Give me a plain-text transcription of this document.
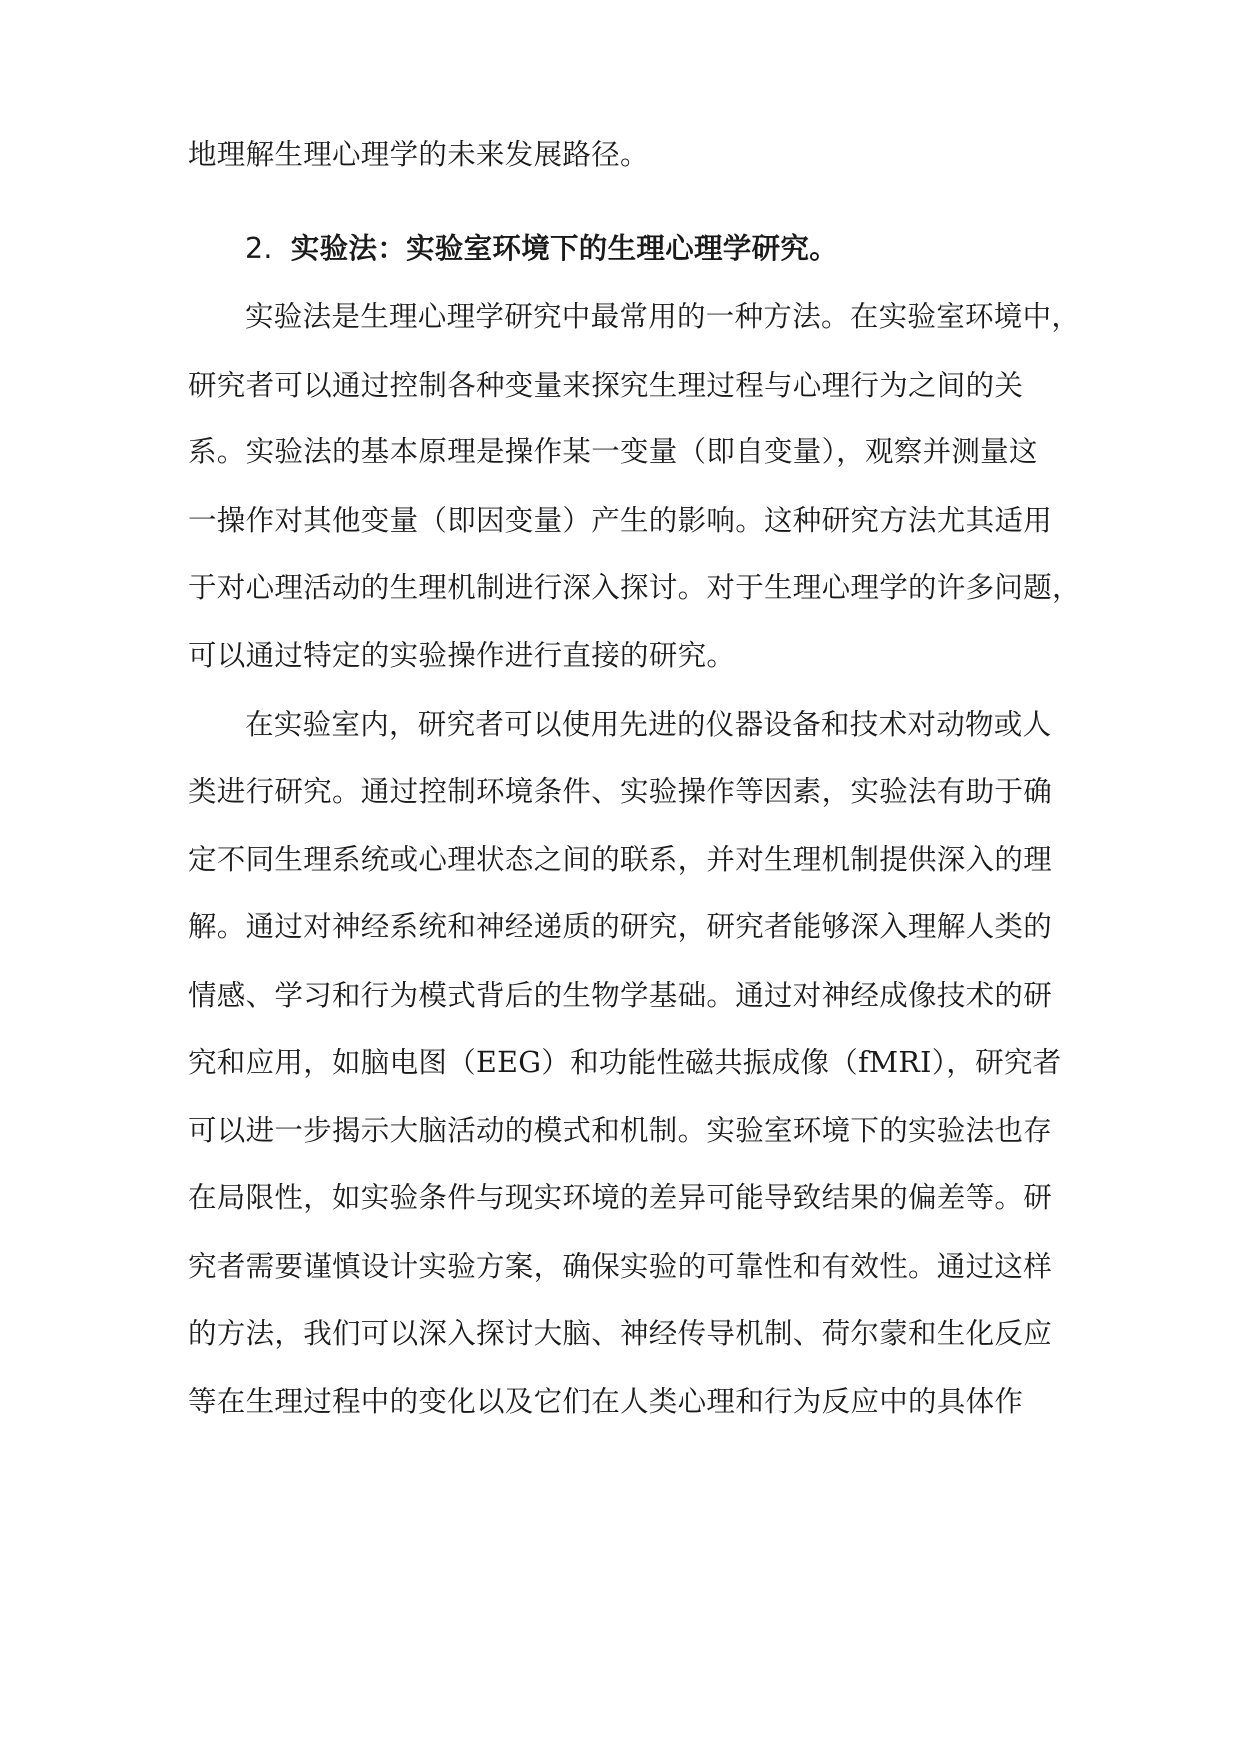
地理解生理心理学的未来发展路径。
2. 实验法：实验室环境下的生理心理学研究。
实验法是生理心理学研究中最常用的一种方法。在实验室环境中，
研究者可以通过控制各种变量来探究生理过程与心理行为之间的关
系。实验法的基本原理是操作某一变量（即自变量），观察并测量这
一操作对其他变量（即因变量）产生的影响。这种研究方法尤其适用
于对心理活动的生理机制进行深入探讨。对于生理心理学的许多问题，
可以通过特定的实验操作进行直接的研究。
在实验室内，研究者可以使用先进的仪器设备和技术对动物或人
类进行研究。通过控制环境条件、实验操作等因素，实验法有助于确
定不同生理系统或心理状态之间的联系，并对生理机制提供深入的理
解。通过对神经系统和神经递质的研究，研究者能够深入理解人类的
情感、学习和行为模式背后的生物学基础。通过对神经成像技术的研
究和应用，如脑电图（EEG）和功能性磁共振成像（fMRI），研究者
可以进一步揭示大脑活动的模式和机制。实验室环境下的实验法也存
在局限性，如实验条件与现实环境的差异可能导致结果的偏差等。研
究者需要谨慎设计实验方案，确保实验的可靠性和有效性。通过这样
的方法，我们可以深入探讨大脑、神经传导机制、荷尔蒙和生化反应
等在生理过程中的变化以及它们在人类心理和行为反应中的具体作
